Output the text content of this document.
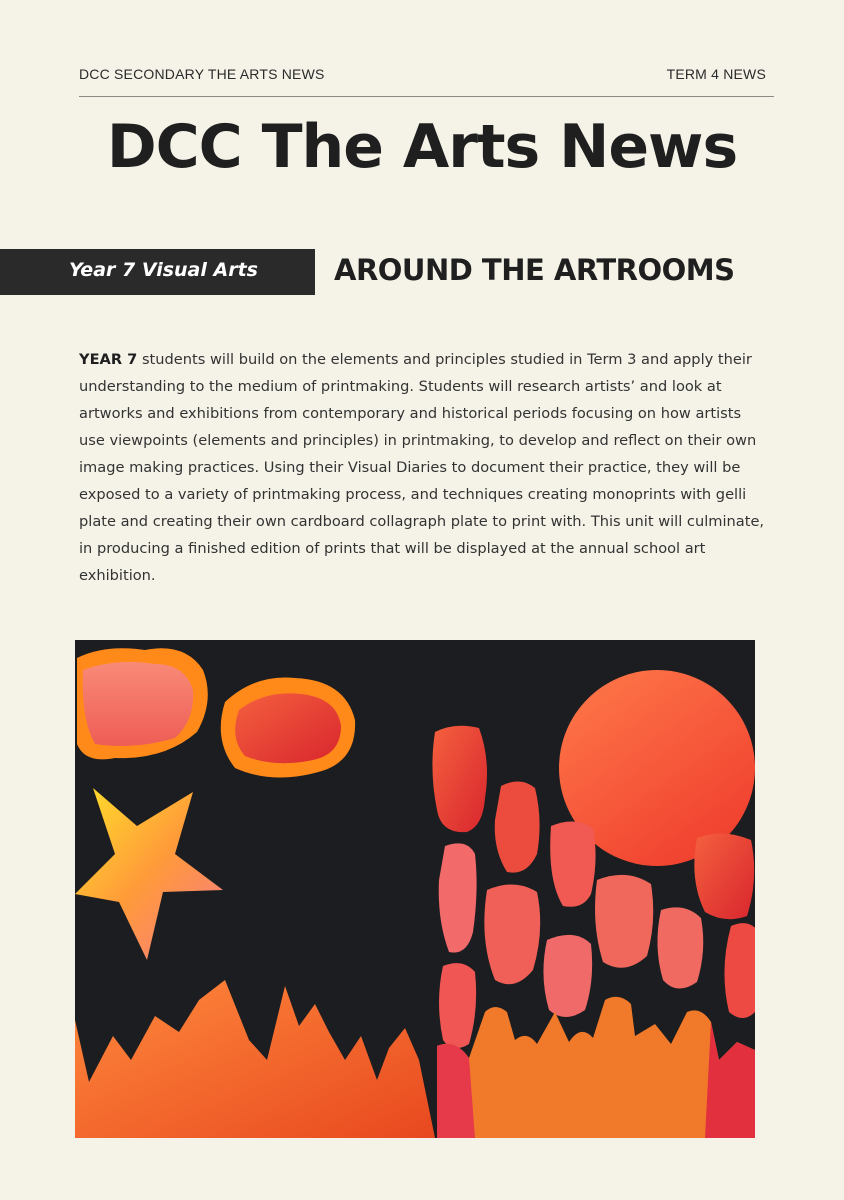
DCC SECONDARY THE ARTS NEWS	TERM 4 NEWS
DCC The Arts News
Year 7 Visual Arts	AROUND THE ARTROOMS

YEAR 7 students will build on the elements and principles studied in Term 3 and apply their understanding to the medium of printmaking. Students will research artists’ and look at artworks and exhibitions from contemporary and historical periods focusing on how artists use viewpoints (elements and principles) in printmaking, to develop and reflect on their own image making practices. Using their Visual Diaries to document their practice, they will be exposed to a variety of printmaking process, and techniques creating monoprints with gelli plate and creating their own cardboard collagraph plate to print with. This unit will culminate, in producing a finished edition of prints that will be displayed at the annual school art exhibition.
